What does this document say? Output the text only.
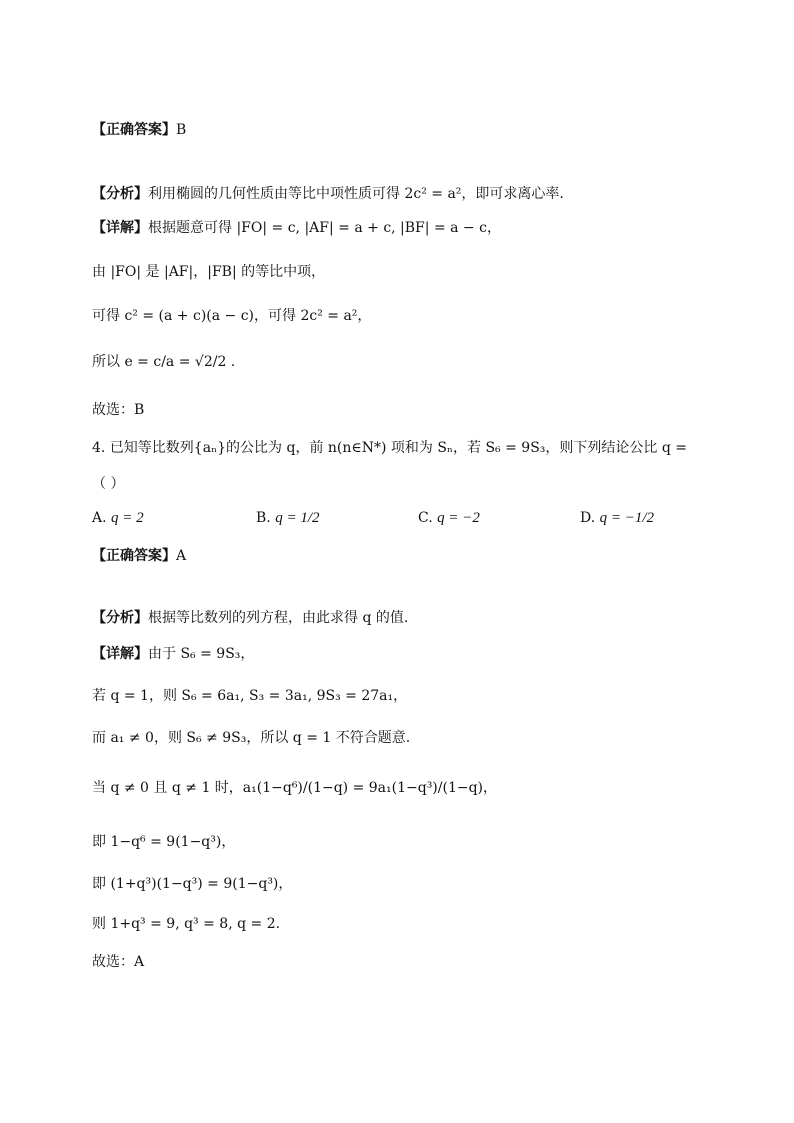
【正确答案】B
【分析】利用椭圆的几何性质由等比中项性质可得 2c² = a²，即可求离心率.
【详解】根据题意可得 |FO| = c, |AF| = a + c, |BF| = a − c，
由 |FO| 是 |AF|，|FB| 的等比中项，
可得 c² = (a + c)(a − c)，可得 2c² = a²，
所以 e = c/a = √2/2 .
故选：B
4. 已知等比数列{aₙ}的公比为 q，前 n(n∈N*) 项和为 Sₙ，若 S₆ = 9S₃，则下列结论公比 q =
（ ）
A. q = 2	B. q = 1/2	C. q = −2	D. q = −1/2
【正确答案】A
【分析】根据等比数列的列方程，由此求得 q 的值.
【详解】由于 S₆ = 9S₃，
若 q = 1，则 S₆ = 6a₁, S₃ = 3a₁, 9S₃ = 27a₁，
而 a₁ ≠ 0，则 S₆ ≠ 9S₃，所以 q = 1 不符合题意.
当 q ≠ 0 且 q ≠ 1 时，a₁(1−q⁶)/(1−q) = 9a₁(1−q³)/(1−q)，
即 1−q⁶ = 9(1−q³)，
即 (1+q³)(1−q³) = 9(1−q³)，
则 1+q³ = 9, q³ = 8, q = 2.
故选：A
